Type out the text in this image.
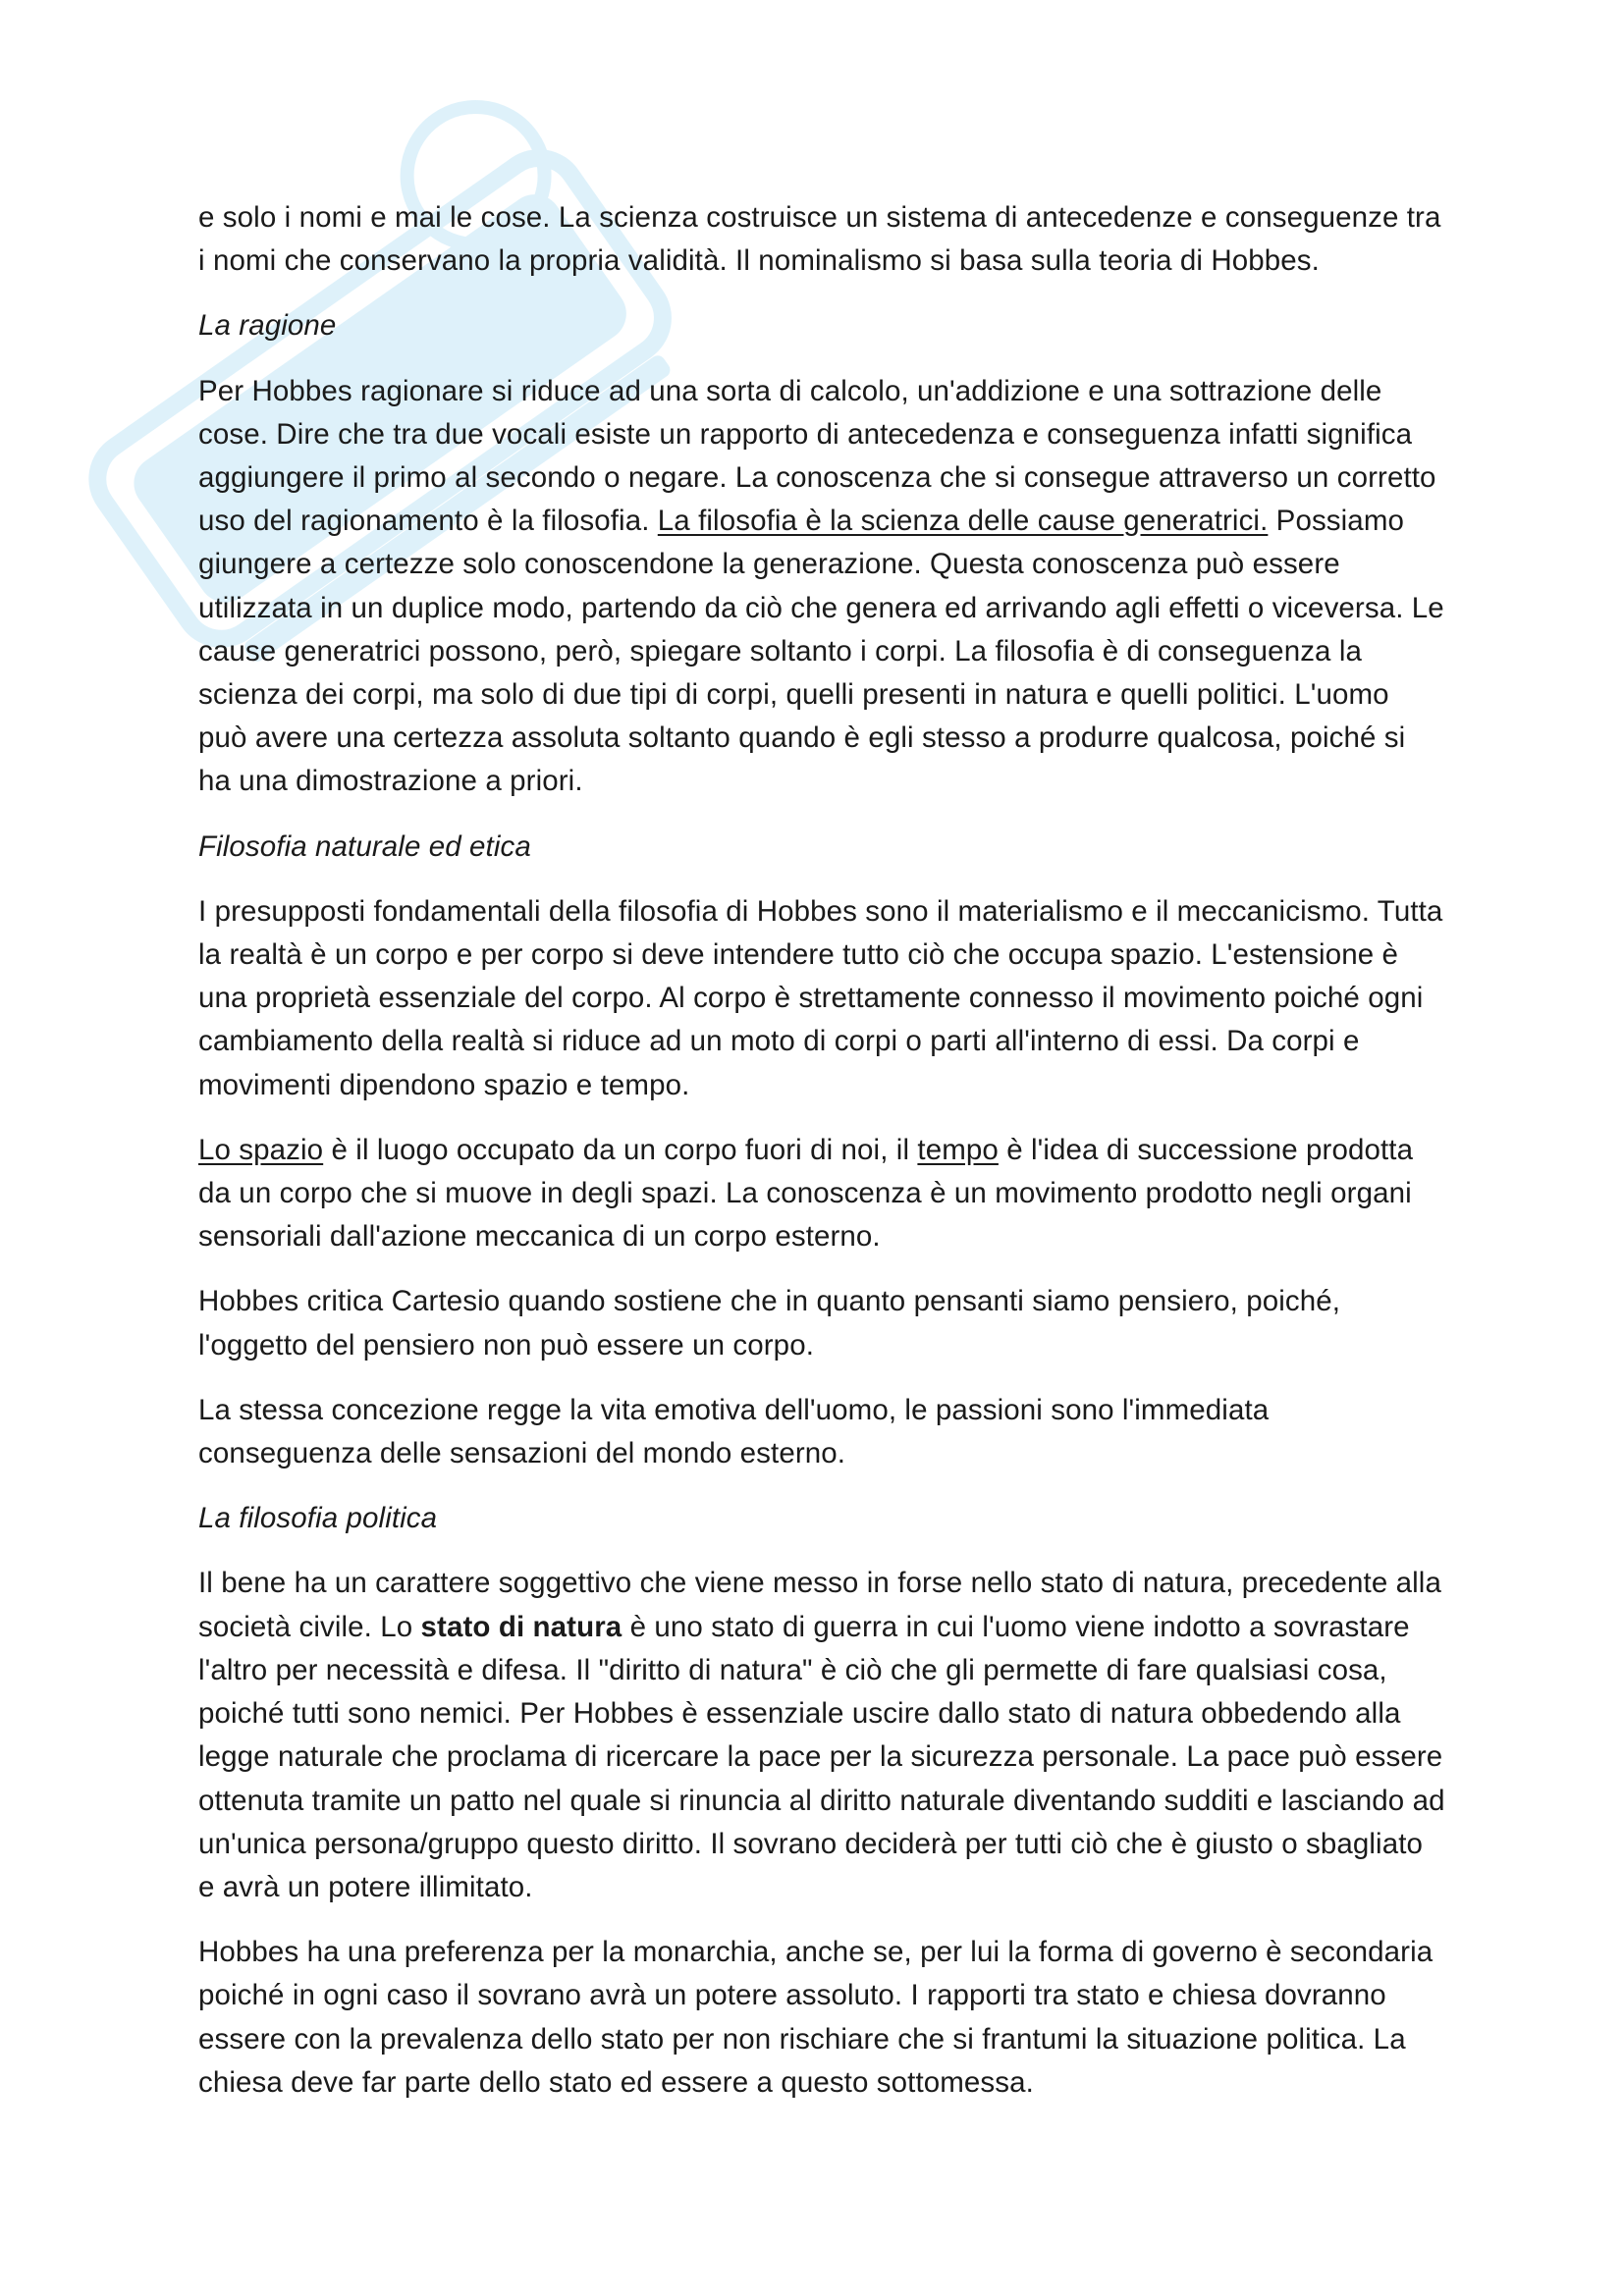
e solo i nomi e mai le cose. La scienza costruisce un sistema di antecedenze e conseguenze tra i nomi che conservano la propria validità. Il nominalismo si basa sulla teoria di Hobbes.

La ragione

Per Hobbes ragionare si riduce ad una sorta di calcolo, un'addizione e una sottrazione delle cose. Dire che tra due vocali esiste un rapporto di antecedenza e conseguenza infatti significa aggiungere il primo al secondo o negare. La conoscenza che si consegue attraverso un corretto uso del ragionamento è la filosofia. La filosofia è la scienza delle cause generatrici. Possiamo giungere a certezze solo conoscendone la generazione. Questa conoscenza può essere utilizzata in un duplice modo, partendo da ciò che genera ed arrivando agli effetti o viceversa. Le cause generatrici possono, però, spiegare soltanto i corpi. La filosofia è di conseguenza la scienza dei corpi, ma solo di due tipi di corpi, quelli presenti in natura e quelli politici. L'uomo può avere una certezza assoluta soltanto quando è egli stesso a produrre qualcosa, poiché si ha una dimostrazione a priori.

Filosofia naturale ed etica

I presupposti fondamentali della filosofia di Hobbes sono il materialismo e il meccanicismo. Tutta la realtà è un corpo e per corpo si deve intendere tutto ciò che occupa spazio. L'estensione è una proprietà essenziale del corpo. Al corpo è strettamente connesso il movimento poiché ogni cambiamento della realtà si riduce ad un moto di corpi o parti all'interno di essi. Da corpi e movimenti dipendono spazio e tempo.

Lo spazio è il luogo occupato da un corpo fuori di noi, il tempo è l'idea di successione prodotta da un corpo che si muove in degli spazi. La conoscenza è un movimento prodotto negli organi sensoriali dall'azione meccanica di un corpo esterno.

Hobbes critica Cartesio quando sostiene che in quanto pensanti siamo pensiero, poiché, l'oggetto del pensiero non può essere un corpo.

La stessa concezione regge la vita emotiva dell'uomo, le passioni sono l'immediata conseguenza delle sensazioni del mondo esterno.

La filosofia politica

Il bene ha un carattere soggettivo che viene messo in forse nello stato di natura, precedente alla società civile. Lo stato di natura è uno stato di guerra in cui l'uomo viene indotto a sovrastare l'altro per necessità e difesa. Il "diritto di natura" è ciò che gli permette di fare qualsiasi cosa, poiché tutti sono nemici. Per Hobbes è essenziale uscire dallo stato di natura obbedendo alla legge naturale che proclama di ricercare la pace per la sicurezza personale. La pace può essere ottenuta tramite un patto nel quale si rinuncia al diritto naturale diventando sudditi e lasciando ad un'unica persona/gruppo questo diritto. Il sovrano deciderà per tutti ciò che è giusto o sbagliato e avrà un potere illimitato.

Hobbes ha una preferenza per la monarchia, anche se, per lui la forma di governo è secondaria poiché in ogni caso il sovrano avrà un potere assoluto. I rapporti tra stato e chiesa dovranno essere con la prevalenza dello stato per non rischiare che si frantumi la situazione politica. La chiesa deve far parte dello stato ed essere a questo sottomessa.
